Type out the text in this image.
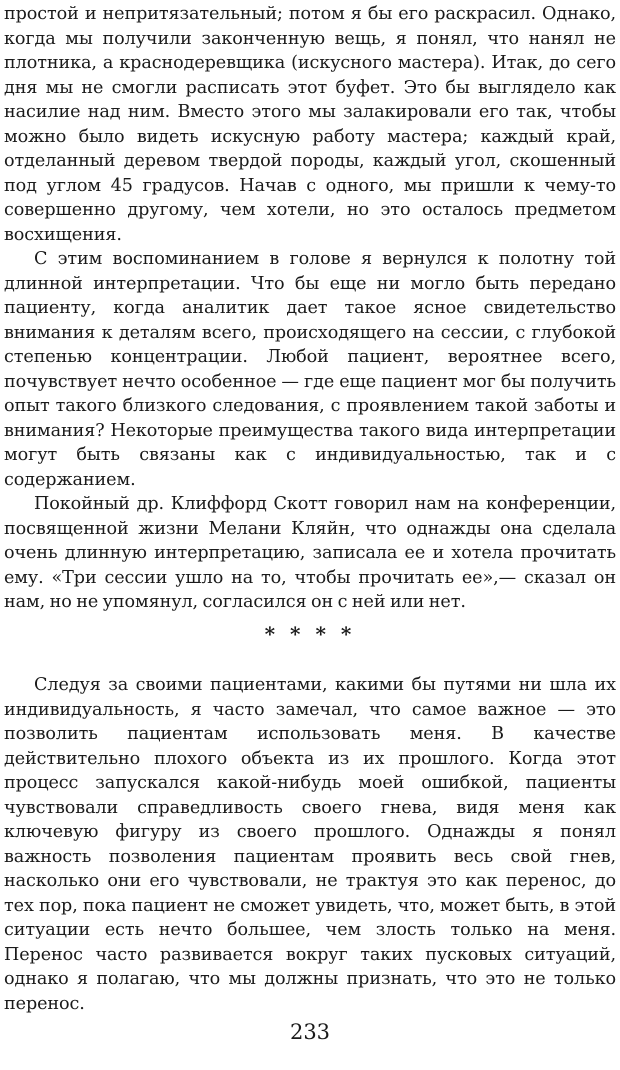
простой и непритязательный; потом я бы его раскрасил. Однако, когда мы получили законченную вещь, я понял, что нанял не плотника, а краснодеревщика (искусного мастера). Итак, до сего дня мы не смогли расписать этот буфет. Это бы выглядело как насилие над ним. Вместо этого мы залакировали его так, чтобы можно было видеть искусную работу мастера; каждый край, отделанный деревом твердой породы, каждый угол, скошенный под углом 45 градусов. Начав с одного, мы пришли к чему-то совершенно другому, чем хотели, но это осталось предметом восхищения.

С этим воспоминанием в голове я вернулся к полотну той длинной интерпретации. Что бы еще ни могло быть передано пациенту, когда аналитик дает такое ясное свидетельство внимания к деталям всего, происходящего на сессии, с глубокой степенью концентрации. Любой пациент, вероятнее всего, почувствует нечто особенное — где еще пациент мог бы получить опыт такого близкого следования, с проявлением такой заботы и внимания? Некоторые преимущества такого вида интерпретации могут быть связаны как с индивидуальностью, так и с содержанием.

Покойный др. Клиффорд Скотт говорил нам на конференции, посвященной жизни Мелани Кляйн, что однажды она сделала очень длинную интерпретацию, записала ее и хотела прочитать ему. «Три сессии ушло на то, чтобы прочитать ее»,— сказал он нам, но не упомянул, согласился он с ней или нет.

* * * *

Следуя за своими пациентами, какими бы путями ни шла их индивидуальность, я часто замечал, что самое важное — это позволить пациентам использовать меня. В качестве действительно плохого объекта из их прошлого. Когда этот процесс запускался какой-нибудь моей ошибкой, пациенты чувствовали справедливость своего гнева, видя меня как ключевую фигуру из своего прошлого. Однажды я понял важность позволения пациентам проявить весь свой гнев, насколько они его чувствовали, не трактуя это как перенос, до тех пор, пока пациент не сможет увидеть, что, может быть, в этой ситуации есть нечто большее, чем злость только на меня. Перенос часто развивается вокруг таких пусковых ситуаций, однако я полагаю, что мы должны признать, что это не только перенос.

233
